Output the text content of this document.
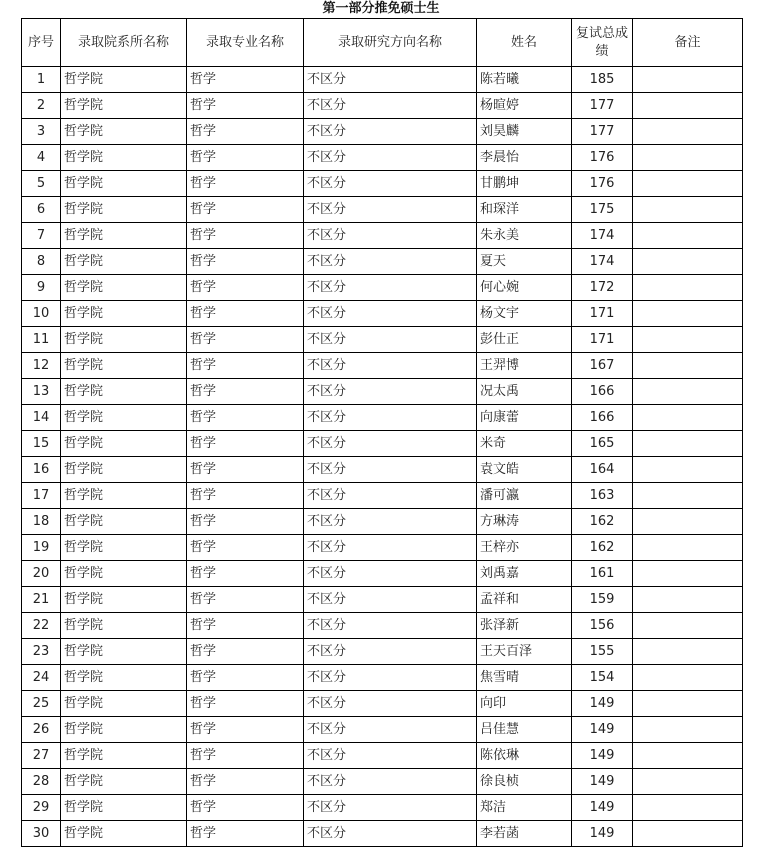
第一部分推免硕士生
序号	录取院系所名称	录取专业名称	录取研究方向名称	姓名	复试总成绩	备注
1	哲学院	哲学	不区分	陈若曦	185	
2	哲学院	哲学	不区分	杨暄婷	177	
3	哲学院	哲学	不区分	刘昊麟	177	
4	哲学院	哲学	不区分	李晨怡	176	
5	哲学院	哲学	不区分	甘鹏坤	176	
6	哲学院	哲学	不区分	和琛洋	175	
7	哲学院	哲学	不区分	朱永美	174	
8	哲学院	哲学	不区分	夏天	174	
9	哲学院	哲学	不区分	何心婉	172	
10	哲学院	哲学	不区分	杨文宇	171	
11	哲学院	哲学	不区分	彭仕正	171	
12	哲学院	哲学	不区分	王羿博	167	
13	哲学院	哲学	不区分	况太禹	166	
14	哲学院	哲学	不区分	向康蕾	166	
15	哲学院	哲学	不区分	米奇	165	
16	哲学院	哲学	不区分	袁文皓	164	
17	哲学院	哲学	不区分	潘可瀛	163	
18	哲学院	哲学	不区分	方琳涛	162	
19	哲学院	哲学	不区分	王梓亦	162	
20	哲学院	哲学	不区分	刘禹嘉	161	
21	哲学院	哲学	不区分	孟祥和	159	
22	哲学院	哲学	不区分	张泽新	156	
23	哲学院	哲学	不区分	王天百泽	155	
24	哲学院	哲学	不区分	焦雪晴	154	
25	哲学院	哲学	不区分	向印	149	
26	哲学院	哲学	不区分	吕佳慧	149	
27	哲学院	哲学	不区分	陈依琳	149	
28	哲学院	哲学	不区分	徐良桢	149	
29	哲学院	哲学	不区分	郑洁	149	
30	哲学院	哲学	不区分	李若菡	149	
